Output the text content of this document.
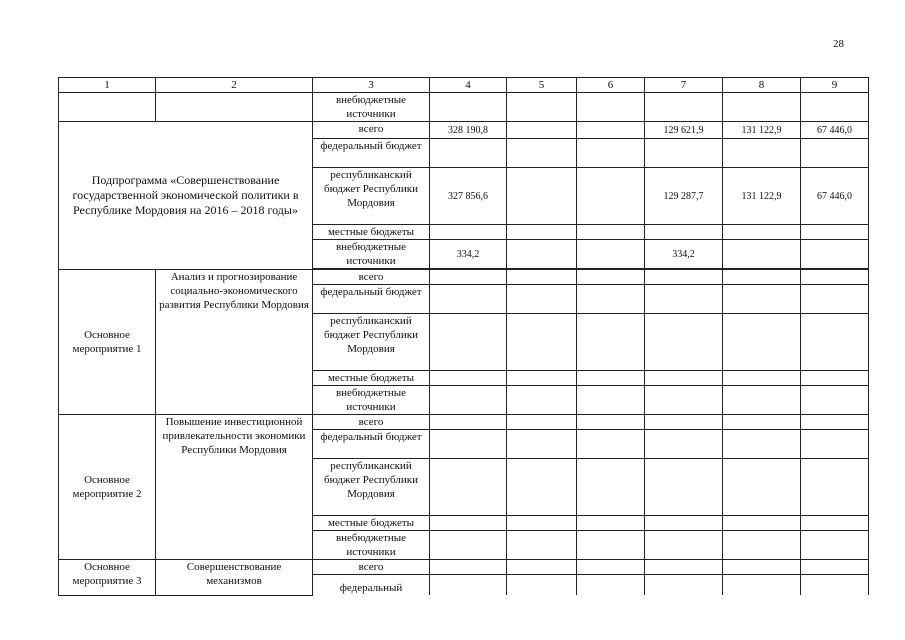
28
1	2	3	4	5	6	7	8	9
		внебюджетные источники						
Подпрограмма «Совершенствование государственной экономической политики в Республике Мордовия на 2016 – 2018 годы»		всего	328 190,8			129 621,9	131 122,9	67 446,0
		федеральный бюджет						
		республиканский бюджет Республики Мордовия	327 856,6			129 287,7	131 122,9	67 446,0
		местные бюджеты						
		внебюджетные источники	334,2			334,2		

Основное мероприятие 1	Анализ и прогнозирование социально-экономического развития Республики Мордовия	всего						
		федеральный бюджет						
		республиканский бюджет Республики Мордовия						
		местные бюджеты						
		внебюджетные источники						
Основное мероприятие 2	Повышение инвестиционной привлекательности экономики Республики Мордовия	всего						
		федеральный бюджет						
		республиканский бюджет Республики Мордовия						
		местные бюджеты						
		внебюджетные источники						
Основное мероприятие 3	Совершенствование механизмов	всего						

		федеральный						
